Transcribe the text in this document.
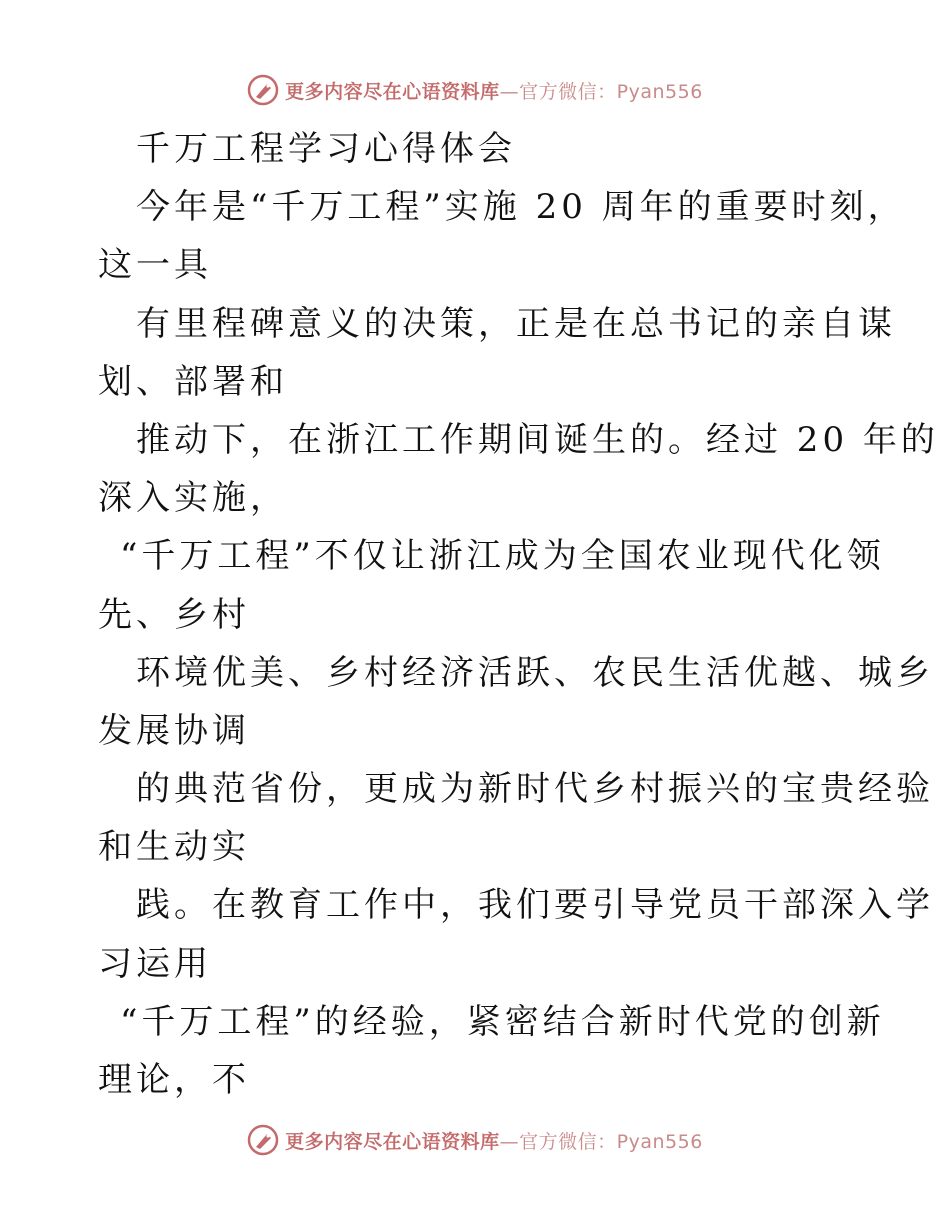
更多内容尽在心语资料库—官方微信：Pyan556
千万工程学习心得体会
今年是“千万工程”实施 20 周年的重要时刻，
这一具
有里程碑意义的决策，正是在总书记的亲自谋
划、部署和
推动下，在浙江工作期间诞生的。经过 20 年的
深入实施，
“千万工程”不仅让浙江成为全国农业现代化领
先、乡村
环境优美、乡村经济活跃、农民生活优越、城乡
发展协调
的典范省份，更成为新时代乡村振兴的宝贵经验
和生动实
践。在教育工作中，我们要引导党员干部深入学
习运用
“千万工程”的经验，紧密结合新时代党的创新
理论，不
更多内容尽在心语资料库—官方微信：Pyan556
